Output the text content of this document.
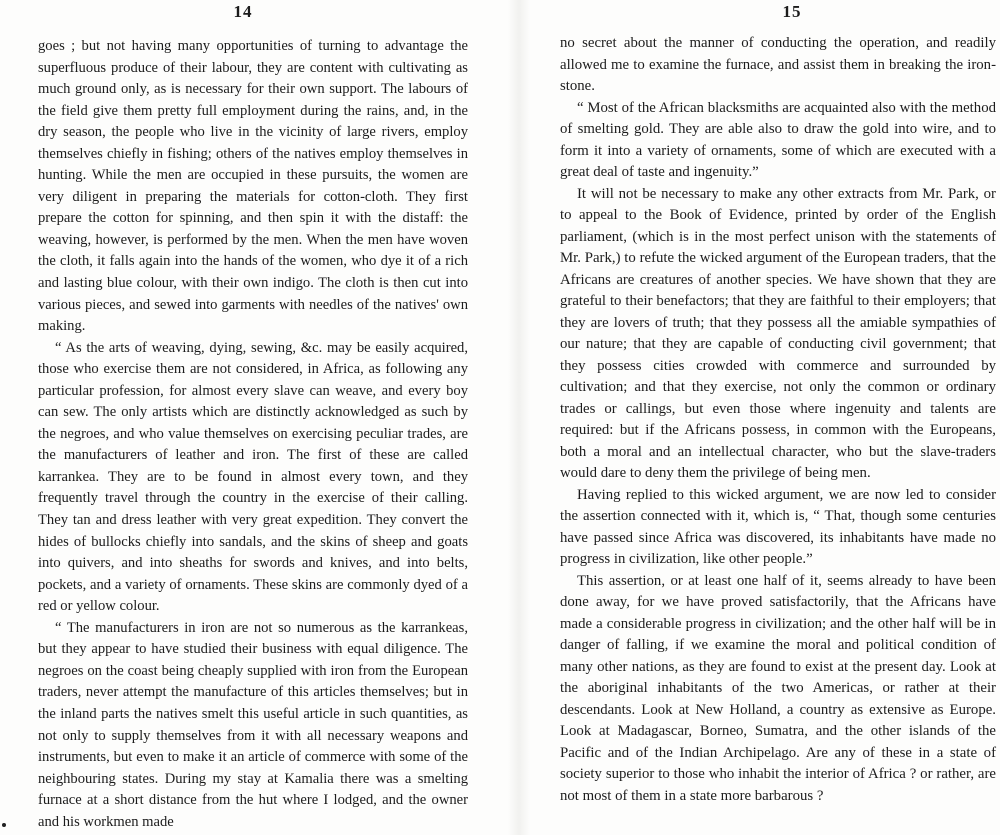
14

goes ; but not having many opportunities of turning to advantage the superfluous produce of their labour, they are content with cultivating as much ground only, as is necessary for their own support. The labours of the field give them pretty full employment during the rains, and, in the dry season, the people who live in the vicinity of large rivers, employ themselves chiefly in fishing; others of the natives employ themselves in hunting. While the men are occupied in these pursuits, the women are very diligent in preparing the materials for cotton-cloth. They first prepare the cotton for spinning, and then spin it with the distaff: the weaving, however, is performed by the men. When the men have woven the cloth, it falls again into the hands of the women, who dye it of a rich and lasting blue colour, with their own indigo. The cloth is then cut into various pieces, and sewed into garments with needles of the natives' own making.

“ As the arts of weaving, dying, sewing, &c. may be easily acquired, those who exercise them are not considered, in Africa, as following any particular profession, for almost every slave can weave, and every boy can sew. The only artists which are distinctly acknowledged as such by the negroes, and who value themselves on exercising peculiar trades, are the manufacturers of leather and iron. The first of these are called karrankea. They are to be found in almost every town, and they frequently travel through the country in the exercise of their calling. They tan and dress leather with very great expedition. They convert the hides of bullocks chiefly into sandals, and the skins of sheep and goats into quivers, and into sheaths for swords and knives, and into belts, pockets, and a variety of ornaments. These skins are commonly dyed of a red or yellow colour.

“ The manufacturers in iron are not so numerous as the karrankeas, but they appear to have studied their business with equal diligence. The negroes on the coast being cheaply supplied with iron from the European traders, never attempt the manufacture of this articles themselves; but in the inland parts the natives smelt this useful article in such quantities, as not only to supply themselves from it with all necessary weapons and instruments, but even to make it an article of commerce with some of the neighbouring states. During my stay at Kamalia there was a smelting furnace at a short distance from the hut where I lodged, and the owner and his workmen made

15

no secret about the manner of conducting the operation, and readily allowed me to examine the furnace, and assist them in breaking the iron-stone.

“ Most of the African blacksmiths are acquainted also with the method of smelting gold. They are able also to draw the gold into wire, and to form it into a variety of ornaments, some of which are executed with a great deal of taste and ingenuity.”

It will not be necessary to make any other extracts from Mr. Park, or to appeal to the Book of Evidence, printed by order of the English parliament, (which is in the most perfect unison with the statements of Mr. Park,) to refute the wicked argument of the European traders, that the Africans are creatures of another species. We have shown that they are grateful to their benefactors; that they are faithful to their employers; that they are lovers of truth; that they possess all the amiable sympathies of our nature; that they are capable of conducting civil government; that they possess cities crowded with commerce and surrounded by cultivation; and that they exercise, not only the common or ordinary trades or callings, but even those where ingenuity and talents are required: but if the Africans possess, in common with the Europeans, both a moral and an intellectual character, who but the slave-traders would dare to deny them the privilege of being men.

Having replied to this wicked argument, we are now led to consider the assertion connected with it, which is, “ That, though some centuries have passed since Africa was discovered, its inhabitants have made no progress in civilization, like other people.”

This assertion, or at least one half of it, seems already to have been done away, for we have proved satisfactorily, that the Africans have made a considerable progress in civilization; and the other half will be in danger of falling, if we examine the moral and political condition of many other nations, as they are found to exist at the present day. Look at the aboriginal inhabitants of the two Americas, or rather at their descendants. Look at New Holland, a country as extensive as Europe. Look at Madagascar, Borneo, Sumatra, and the other islands of the Pacific and of the Indian Archipelago. Are any of these in a state of society superior to those who inhabit the interior of Africa ? or rather, are not most of them in a state more barbarous ?
